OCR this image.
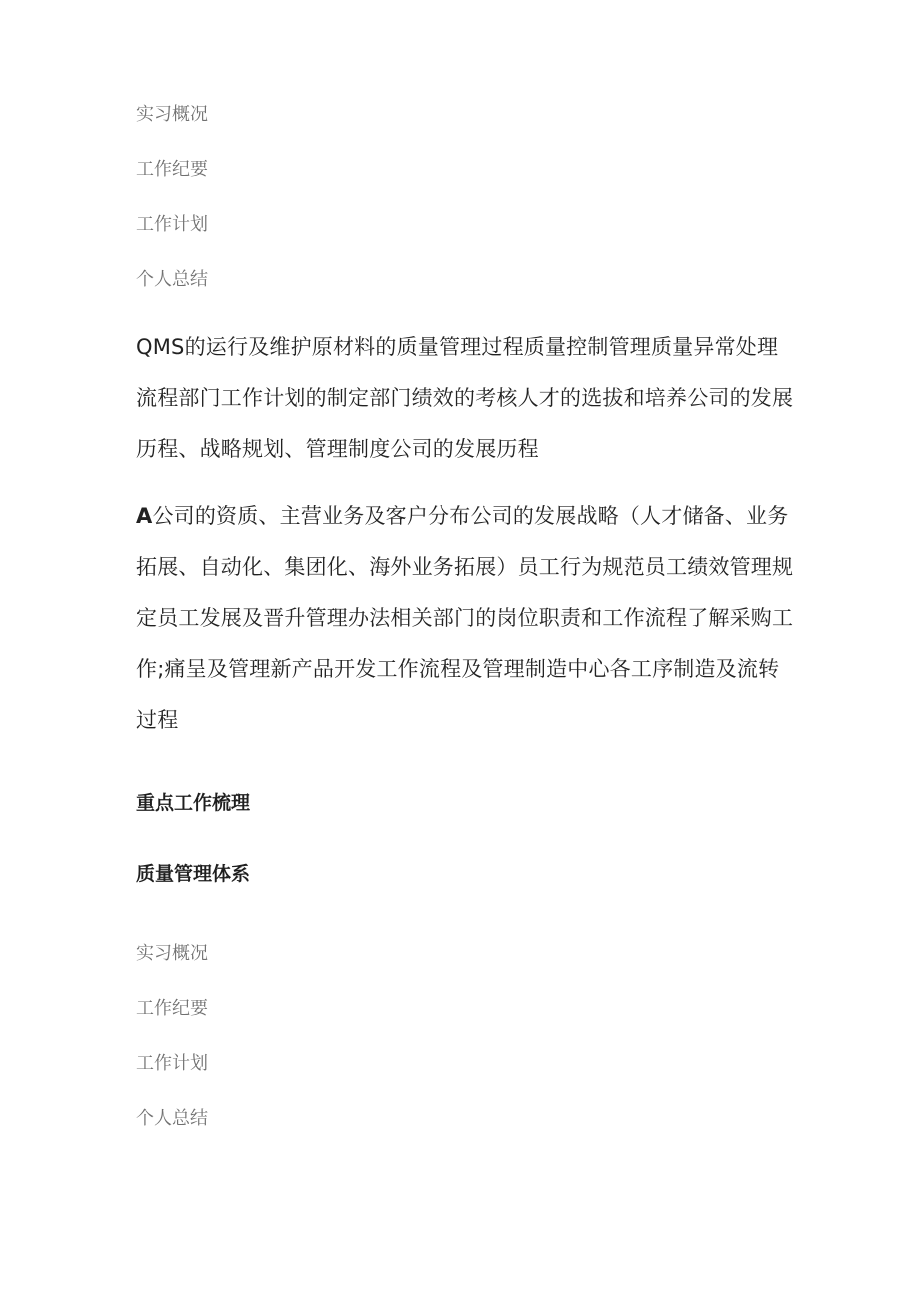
实习概况
工作纪要
工作计划
个人总结
QMS的运行及维护原材料的质量管理过程质量控制管理质量异常处理流程部门工作计划的制定部门绩效的考核人才的选拔和培养公司的发展历程、战略规划、管理制度公司的发展历程
A公司的资质、主营业务及客户分布公司的发展战略（人才储备、业务拓展、自动化、集团化、海外业务拓展）员工行为规范员工绩效管理规定员工发展及晋升管理办法相关部门的岗位职责和工作流程了解采购工作;痛呈及管理新产品开发工作流程及管理制造中心各工序制造及流转过程
重点工作梳理
质量管理体系
实习概况
工作纪要
工作计划
个人总结
